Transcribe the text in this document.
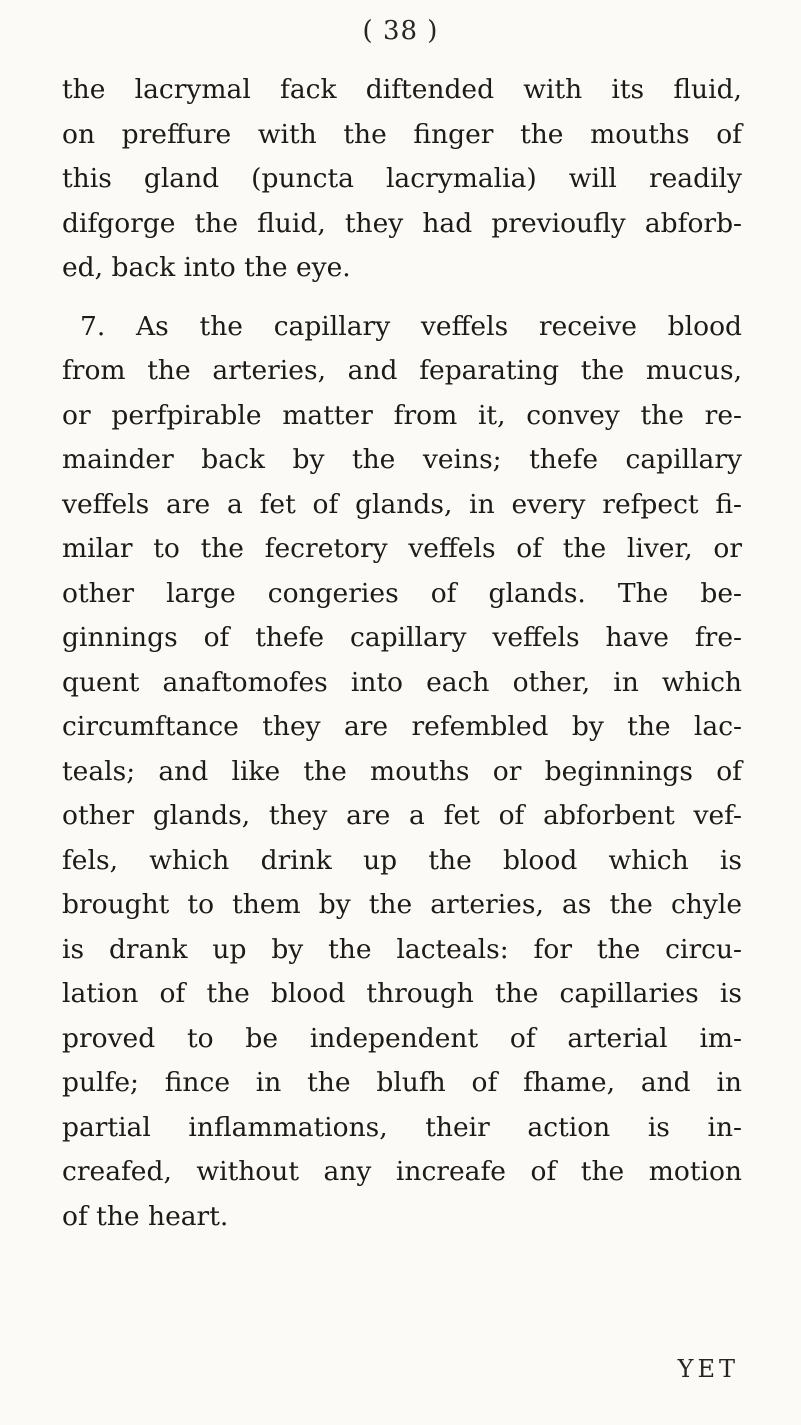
( 38 )
the lacrymal fack diftended with its fluid,
on preffure with the finger the mouths of
this gland (puncta lacrymalia) will readily
difgorge the fluid, they had previoufly abforb-
ed, back into the eye.
7. As the capillary veffels receive blood
from the arteries, and feparating the mucus,
or perfpirable matter from it, convey the re-
mainder back by the veins; thefe capillary
veffels are a fet of glands, in every refpect fi-
milar to the fecretory veffels of the liver, or
other large congeries of glands. The be-
ginnings of thefe capillary veffels have fre-
quent anaftomofes into each other, in which
circumftance they are refembled by the lac-
teals; and like the mouths or beginnings of
other glands, they are a fet of abforbent vef-
fels, which drink up the blood which is
brought to them by the arteries, as the chyle
is drank up by the lacteals: for the circu-
lation of the blood through the capillaries is
proved to be independent of arterial im-
pulfe; fince in the blufh of fhame, and in
partial inflammations, their action is in-
creafed, without any increafe of the motion
of the heart.
YET
